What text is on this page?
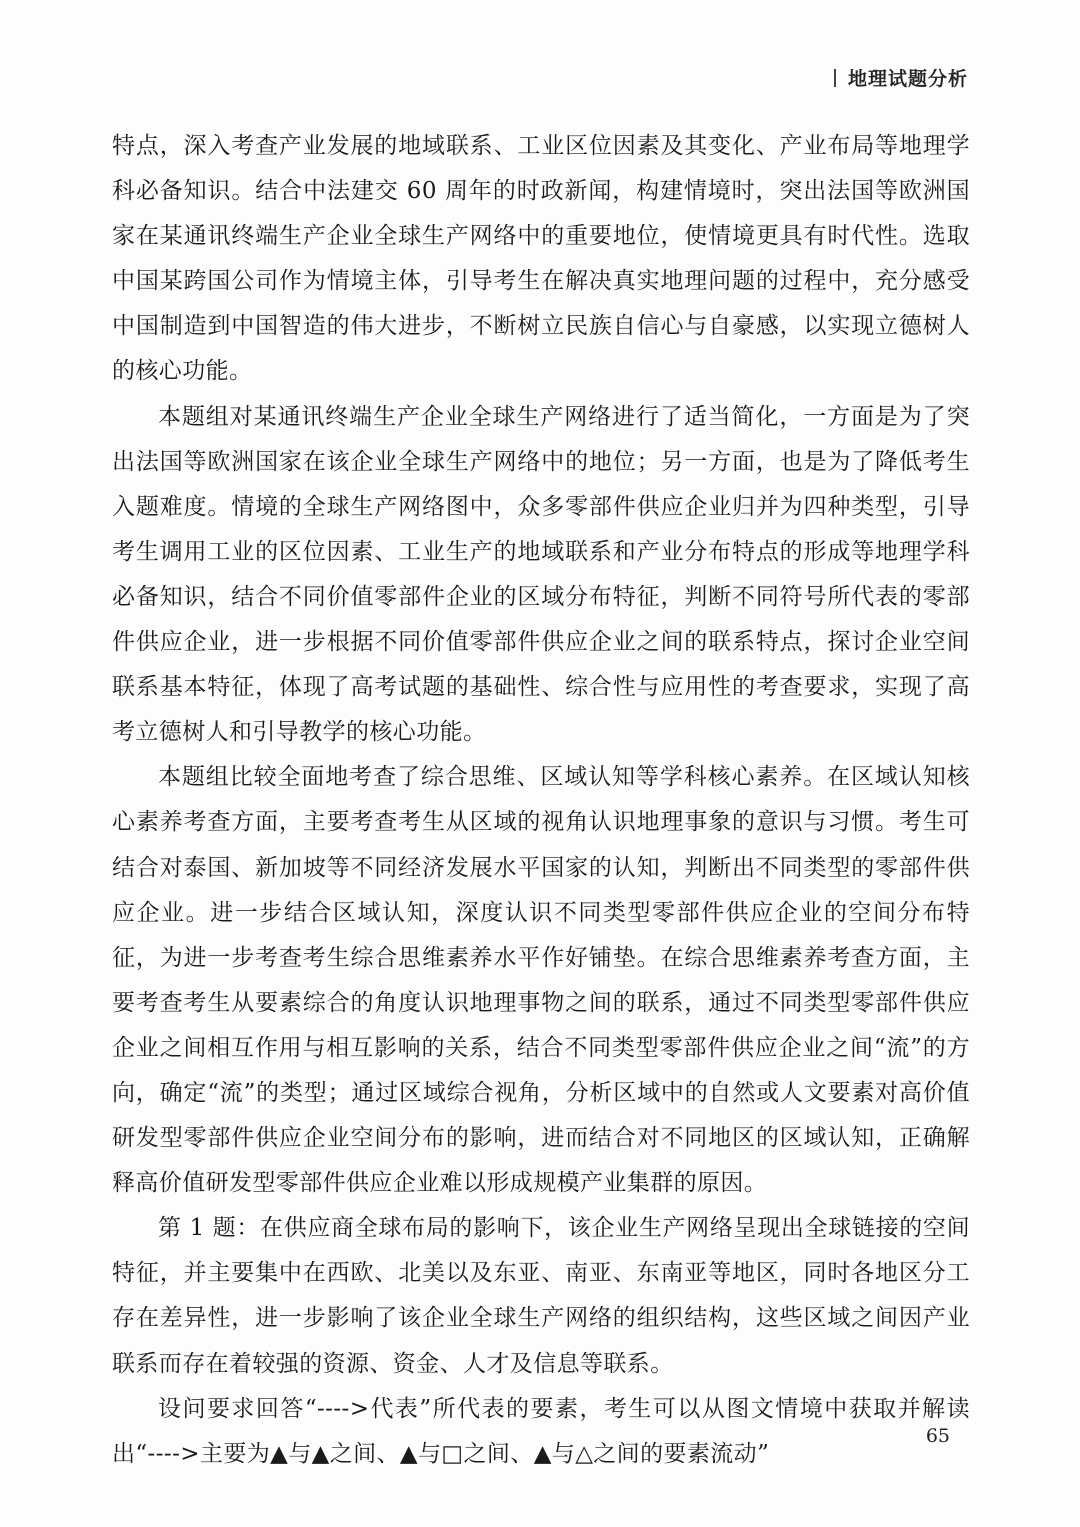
地理试题分析

特点，深入考查产业发展的地域联系、工业区位因素及其变化、产业布局等地理学科必备知识。结合中法建交 60 周年的时政新闻，构建情境时，突出法国等欧洲国家在某通讯终端生产企业全球生产网络中的重要地位，使情境更具有时代性。选取中国某跨国公司作为情境主体，引导考生在解决真实地理问题的过程中，充分感受中国制造到中国智造的伟大进步，不断树立民族自信心与自豪感，以实现立德树人的核心功能。

本题组对某通讯终端生产企业全球生产网络进行了适当简化，一方面是为了突出法国等欧洲国家在该企业全球生产网络中的地位；另一方面，也是为了降低考生入题难度。情境的全球生产网络图中，众多零部件供应企业归并为四种类型，引导考生调用工业的区位因素、工业生产的地域联系和产业分布特点的形成等地理学科必备知识，结合不同价值零部件企业的区域分布特征，判断不同符号所代表的零部件供应企业，进一步根据不同价值零部件供应企业之间的联系特点，探讨企业空间联系基本特征，体现了高考试题的基础性、综合性与应用性的考查要求，实现了高考立德树人和引导教学的核心功能。

本题组比较全面地考查了综合思维、区域认知等学科核心素养。在区域认知核心素养考查方面，主要考查考生从区域的视角认识地理事象的意识与习惯。考生可结合对泰国、新加坡等不同经济发展水平国家的认知，判断出不同类型的零部件供应企业。进一步结合区域认知，深度认识不同类型零部件供应企业的空间分布特征，为进一步考查考生综合思维素养水平作好铺垫。在综合思维素养考查方面，主要考查考生从要素综合的角度认识地理事物之间的联系，通过不同类型零部件供应企业之间相互作用与相互影响的关系，结合不同类型零部件供应企业之间“流”的方向，确定“流”的类型；通过区域综合视角，分析区域中的自然或人文要素对高价值研发型零部件供应企业空间分布的影响，进而结合对不同地区的区域认知，正确解释高价值研发型零部件供应企业难以形成规模产业集群的原因。

第 1 题：在供应商全球布局的影响下，该企业生产网络呈现出全球链接的空间特征，并主要集中在西欧、北美以及东亚、南亚、东南亚等地区，同时各地区分工存在差异性，进一步影响了该企业全球生产网络的组织结构，这些区域之间因产业联系而存在着较强的资源、资金、人才及信息等联系。

设问要求回答“---->代表”所代表的要素，考生可以从图文情境中获取并解读出“---->主要为▲与▲之间、▲与□之间、▲与△之间的要素流动”

65
